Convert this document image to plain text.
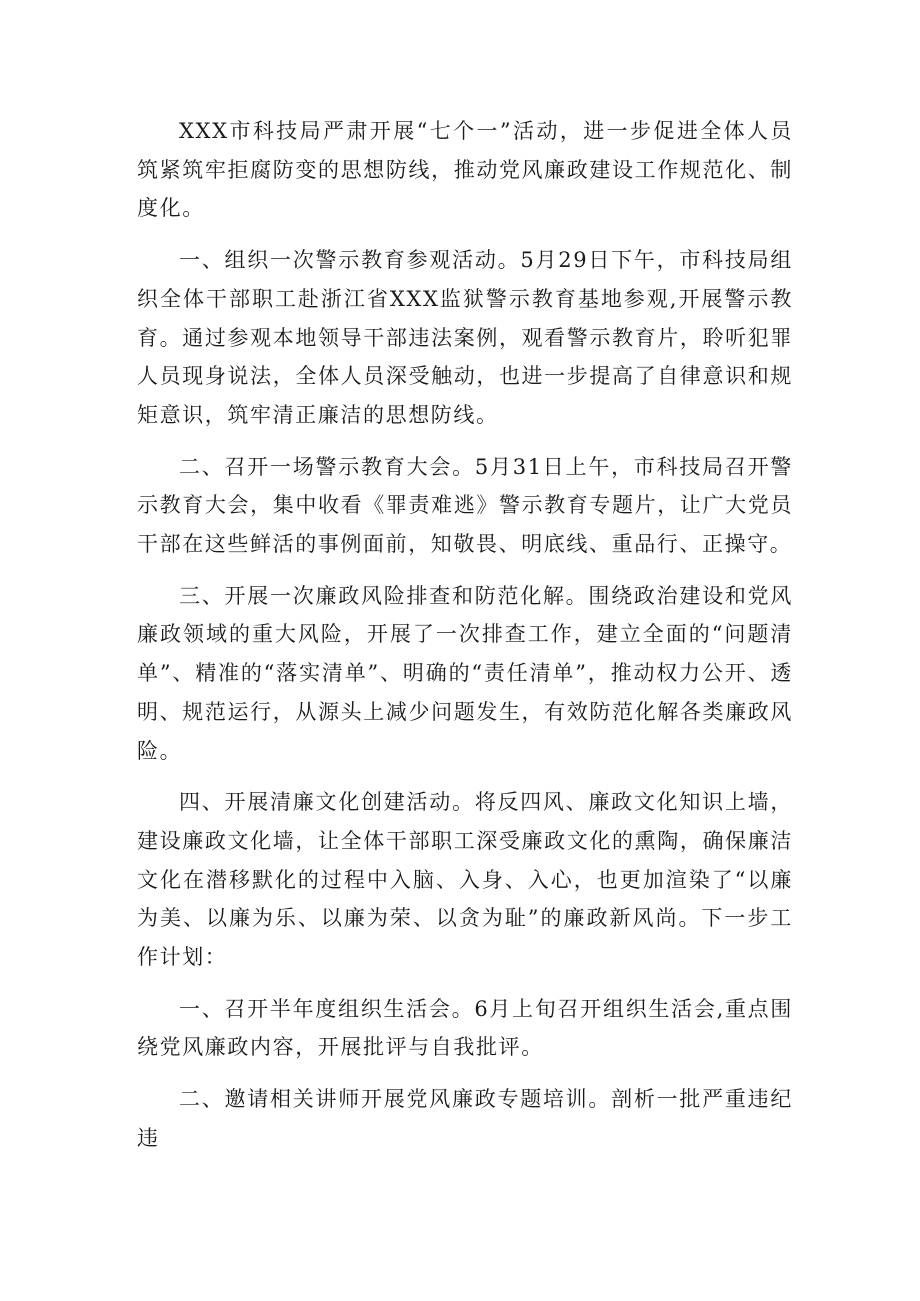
XXX市科技局严肃开展“七个一”活动，进一步促进全体人员筑紧筑牢拒腐防变的思想防线，推动党风廉政建设工作规范化、制度化。

一、组织一次警示教育参观活动。5月29日下午，市科技局组织全体干部职工赴浙江省XXX监狱警示教育基地参观,开展警示教育。通过参观本地领导干部违法案例，观看警示教育片，聆听犯罪人员现身说法，全体人员深受触动，也进一步提高了自律意识和规矩意识，筑牢清正廉洁的思想防线。

二、召开一场警示教育大会。5月31日上午，市科技局召开警示教育大会，集中收看《罪责难逃》警示教育专题片，让广大党员干部在这些鲜活的事例面前，知敬畏、明底线、重品行、正操守。

三、开展一次廉政风险排查和防范化解。围绕政治建设和党风廉政领域的重大风险，开展了一次排查工作，建立全面的“问题清单”、精准的“落实清单”、明确的“责任清单”，推动权力公开、透明、规范运行，从源头上减少问题发生，有效防范化解各类廉政风险。

四、开展清廉文化创建活动。将反四风、廉政文化知识上墙，建设廉政文化墙，让全体干部职工深受廉政文化的熏陶，确保廉洁文化在潜移默化的过程中入脑、入身、入心，也更加渲染了“以廉为美、以廉为乐、以廉为荣、以贪为耻”的廉政新风尚。下一步工作计划：

一、召开半年度组织生活会。6月上旬召开组织生活会,重点围绕党风廉政内容，开展批评与自我批评。

二、邀请相关讲师开展党风廉政专题培训。剖析一批严重违纪违
